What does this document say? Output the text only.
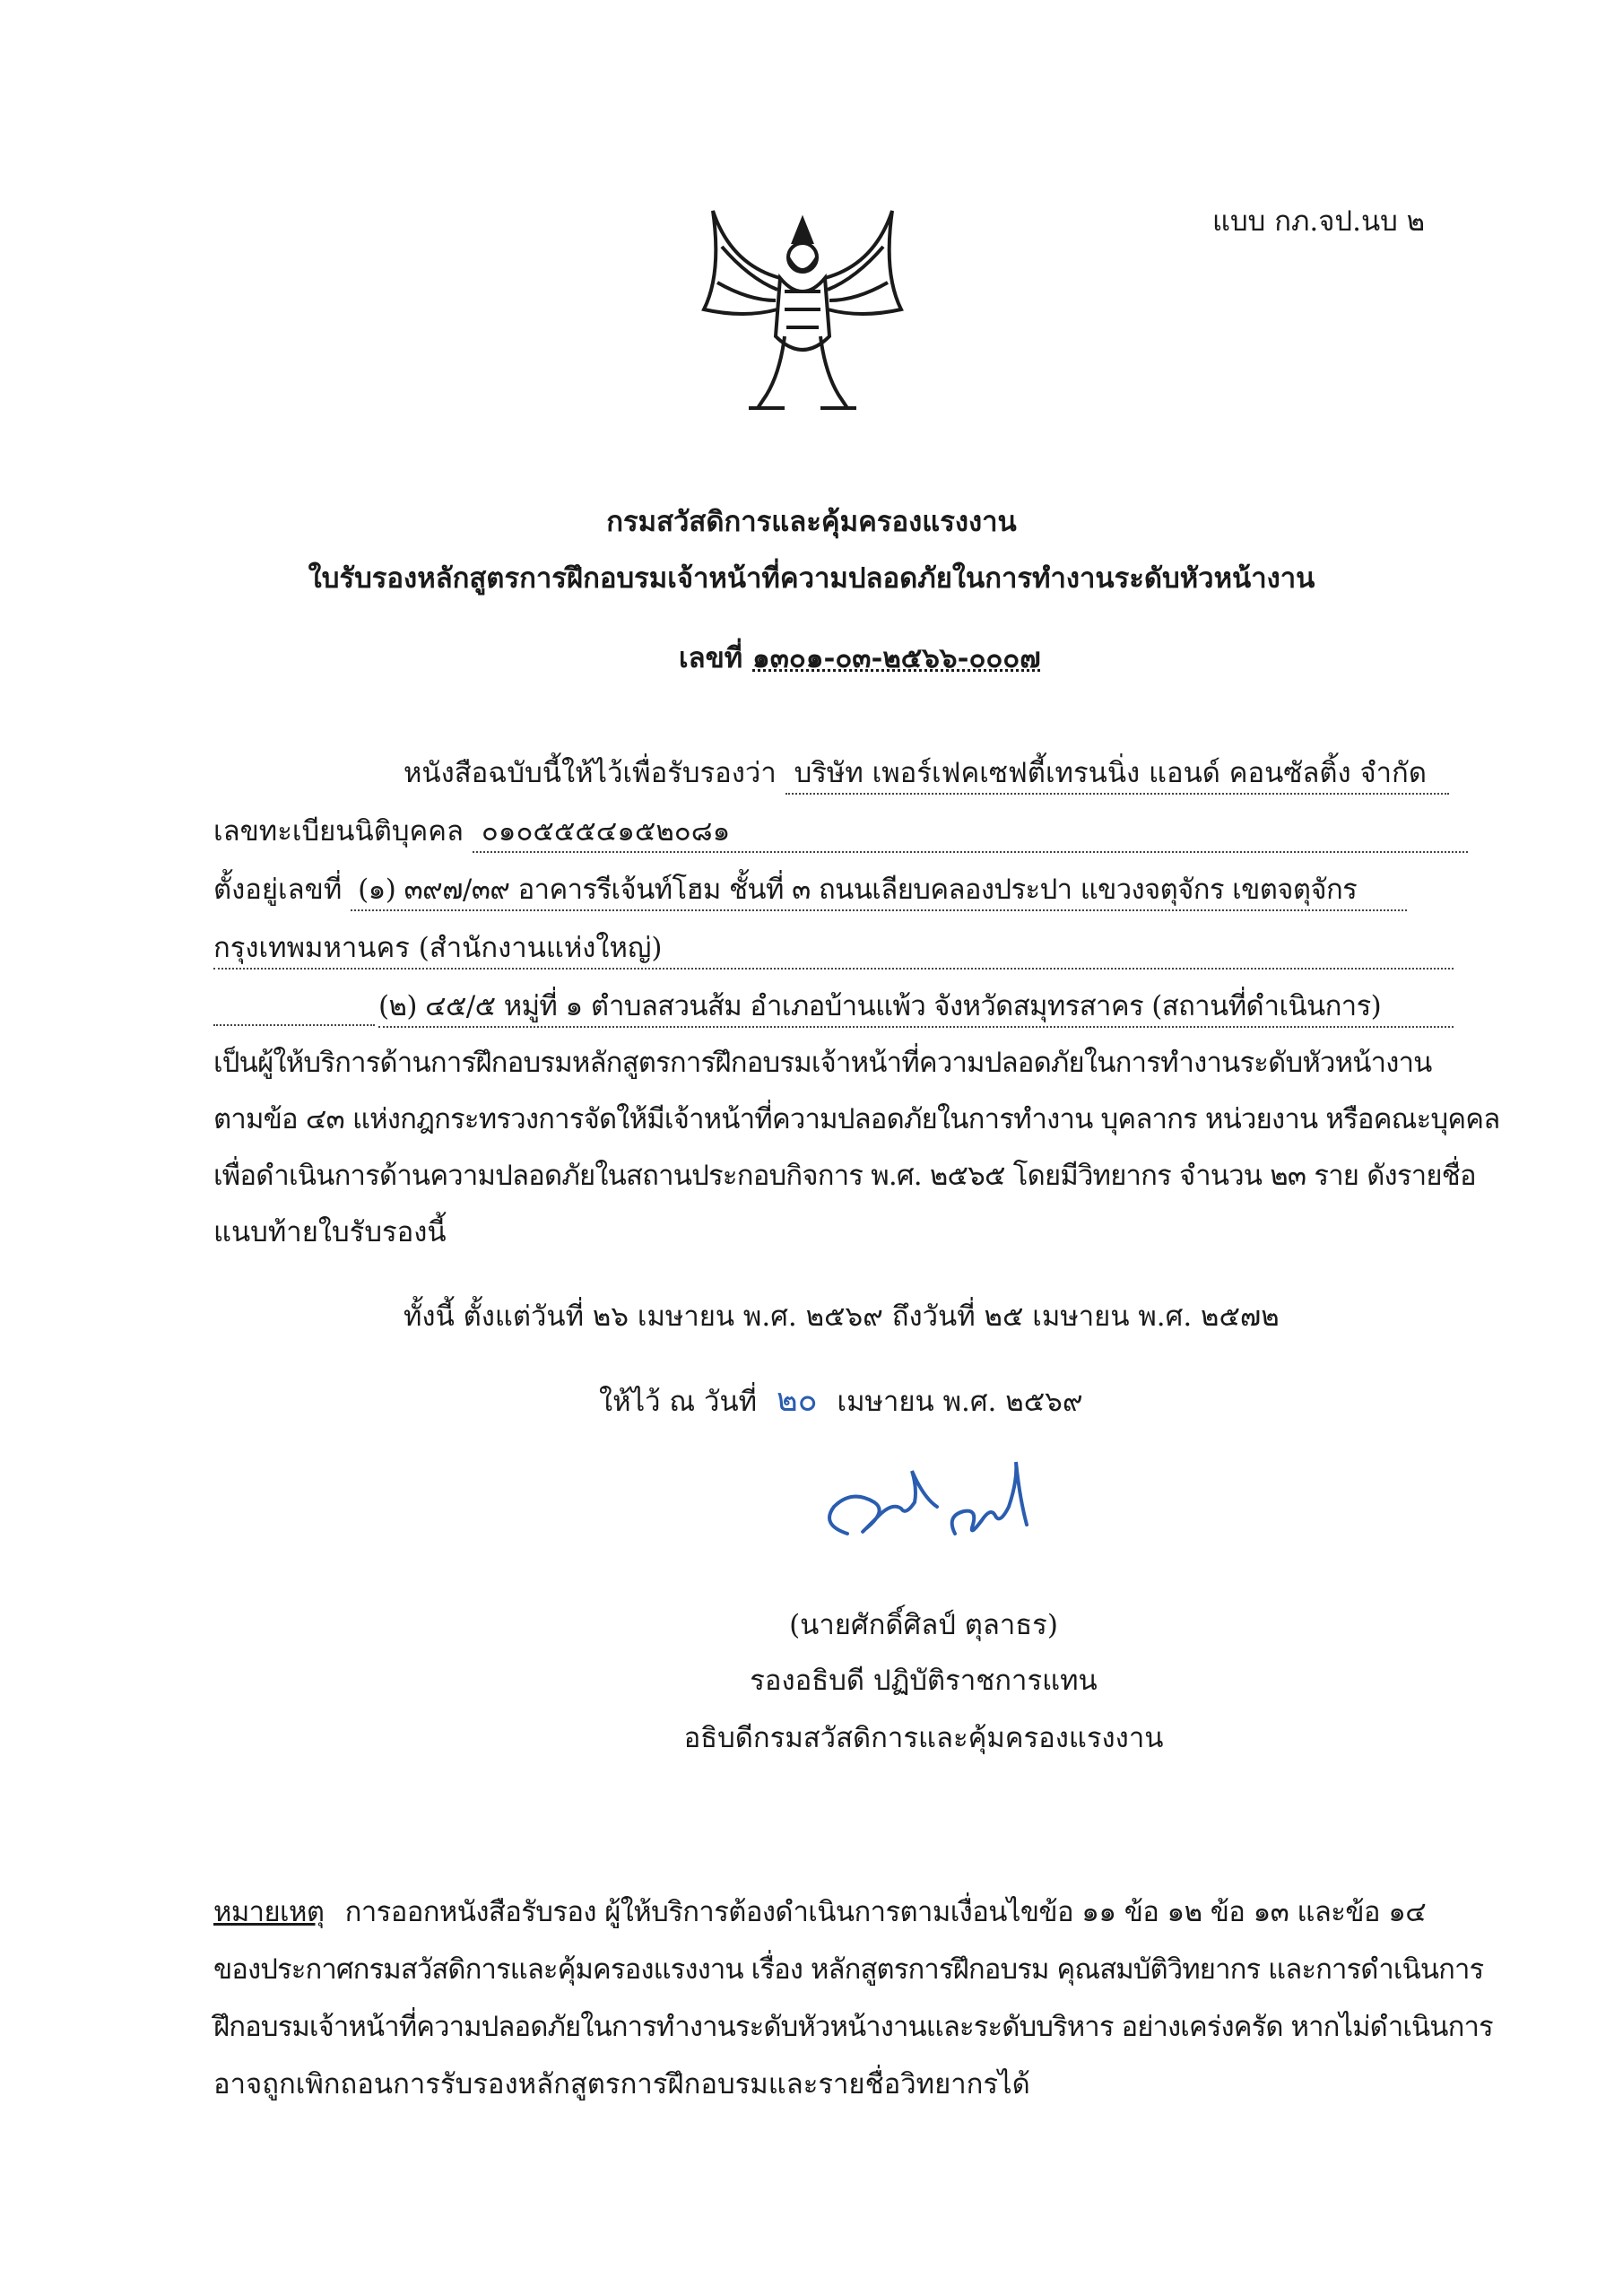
แบบ กภ.จป.นบ ๒
กรมสวัสดิการและคุ้มครองแรงงาน
ใบรับรองหลักสูตรการฝึกอบรมเจ้าหน้าที่ความปลอดภัยในการทำงานระดับหัวหน้างาน
เลขที่ ๑๓๐๑-๐๓-๒๕๖๖-๐๐๐๗
หนังสือฉบับนี้ให้ไว้เพื่อรับรองว่า บริษัท เพอร์เฟคเซฟตี้เทรนนิ่ง แอนด์ คอนซัลติ้ง จำกัด
เลขทะเบียนนิติบุคคล ๐๑๐๕๕๕๔๑๕๒๐๘๑
ตั้งอยู่เลขที่ (๑) ๓๙๗/๓๙ อาคารรีเจ้นท์โฮม ชั้นที่ ๓ ถนนเลียบคลองประปา แขวงจตุจักร เขตจตุจักร
กรุงเทพมหานคร (สำนักงานแห่งใหญ่)
(๒) ๔๕/๕ หมู่ที่ ๑ ตำบลสวนส้ม อำเภอบ้านแพ้ว จังหวัดสมุทรสาคร (สถานที่ดำเนินการ)
เป็นผู้ให้บริการด้านการฝึกอบรมหลักสูตรการฝึกอบรมเจ้าหน้าที่ความปลอดภัยในการทำงานระดับหัวหน้างาน
ตามข้อ ๔๓ แห่งกฎกระทรวงการจัดให้มีเจ้าหน้าที่ความปลอดภัยในการทำงาน บุคลากร หน่วยงาน หรือคณะบุคคล
เพื่อดำเนินการด้านความปลอดภัยในสถานประกอบกิจการ พ.ศ. ๒๕๖๕ โดยมีวิทยากร จำนวน ๒๓ ราย ดังรายชื่อ
แนบท้ายใบรับรองนี้
ทั้งนี้ ตั้งแต่วันที่ ๒๖ เมษายน พ.ศ. ๒๕๖๙ ถึงวันที่ ๒๕ เมษายน พ.ศ. ๒๕๗๒
ให้ไว้ ณ วันที่ ๒๐ เมษายน พ.ศ. ๒๕๖๙
(นายศักดิ์ศิลป์ ตุลาธร)
รองอธิบดี ปฏิบัติราชการแทน
อธิบดีกรมสวัสดิการและคุ้มครองแรงงาน
หมายเหตุ การออกหนังสือรับรอง ผู้ให้บริการต้องดำเนินการตามเงื่อนไขข้อ ๑๑ ข้อ ๑๒ ข้อ ๑๓ และข้อ ๑๔
ของประกาศกรมสวัสดิการและคุ้มครองแรงงาน เรื่อง หลักสูตรการฝึกอบรม คุณสมบัติวิทยากร และการดำเนินการ
ฝึกอบรมเจ้าหน้าที่ความปลอดภัยในการทำงานระดับหัวหน้างานและระดับบริหาร อย่างเคร่งครัด หากไม่ดำเนินการ
อาจถูกเพิกถอนการรับรองหลักสูตรการฝึกอบรมและรายชื่อวิทยากรได้
